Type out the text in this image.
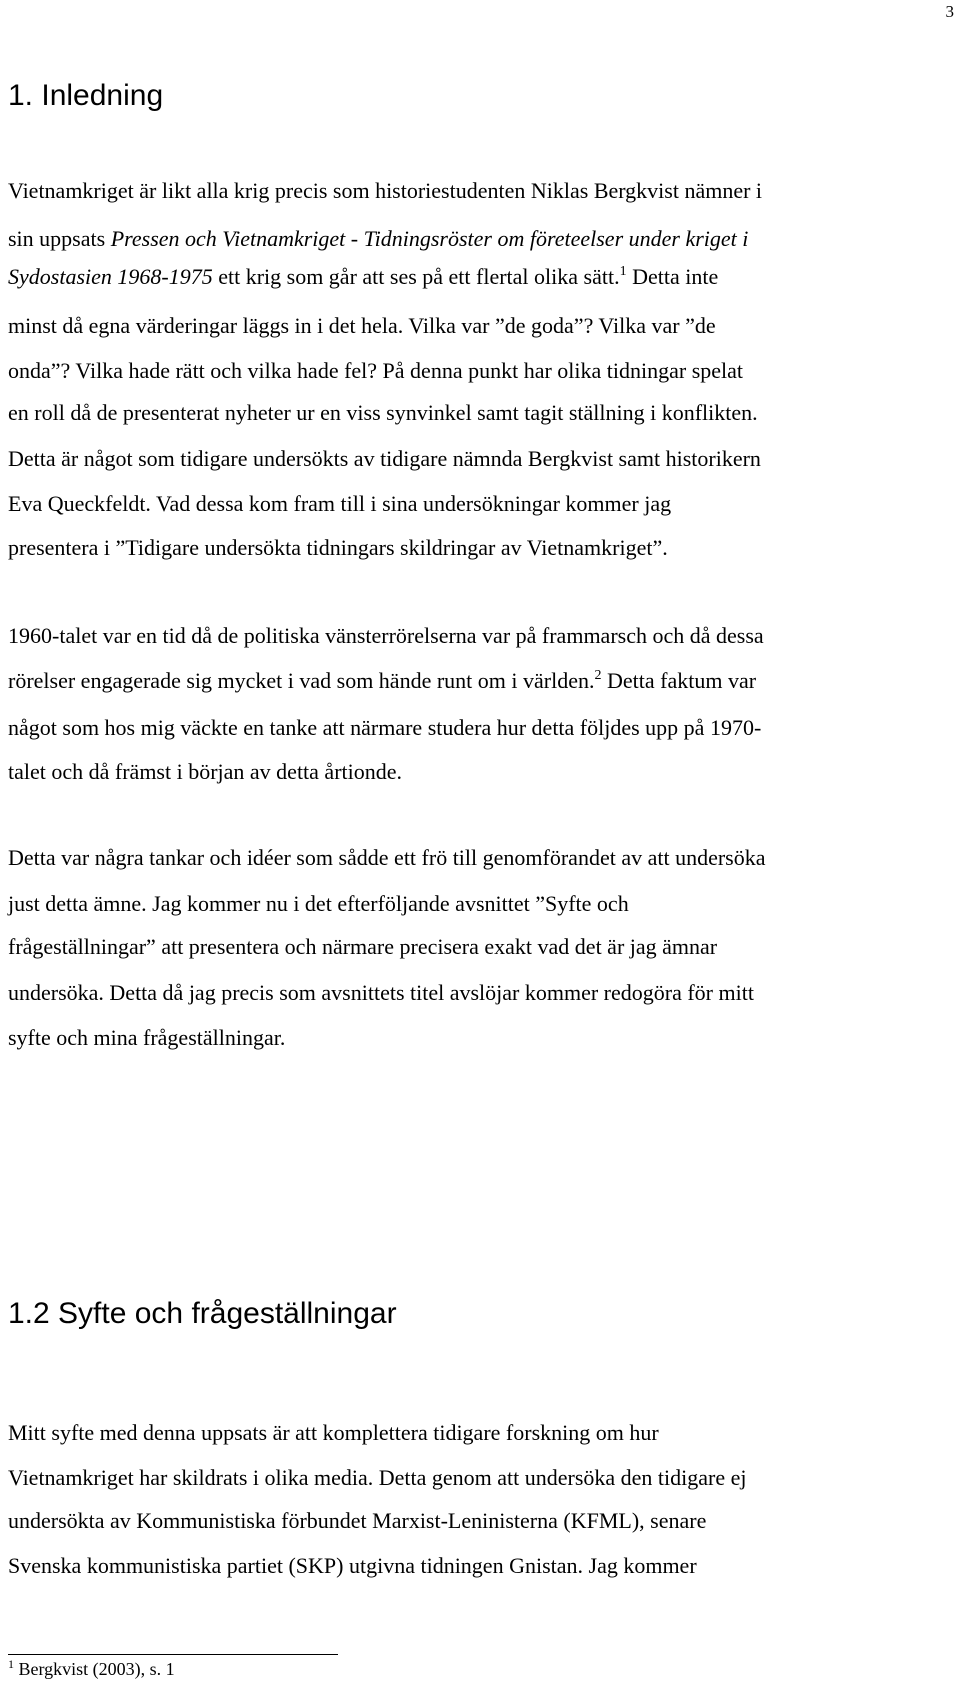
3
1. Inledning
Vietnamkriget är likt alla krig precis som historiestudenten Niklas Bergkvist nämner i
sin uppsats Pressen och Vietnamkriget - Tidningsröster om företeelser under kriget i
Sydostasien 1968-1975 ett krig som går att ses på ett flertal olika sätt.$^1$ Detta inte
minst då egna värderingar läggs in i det hela. Vilka var ”de goda”? Vilka var ”de
onda”? Vilka hade rätt och vilka hade fel? På denna punkt har olika tidningar spelat
en roll då de presenterat nyheter ur en viss synvinkel samt tagit ställning i konflikten.
Detta är något som tidigare undersökts av tidigare nämnda Bergkvist samt historikern
Eva Queckfeldt. Vad dessa kom fram till i sina undersökningar kommer jag
presentera i ”Tidigare undersökta tidningars skildringar av Vietnamkriget”.
1960-talet var en tid då de politiska vänsterrörelserna var på frammarsch och då dessa
rörelser engagerade sig mycket i vad som hände runt om i världen.$^2$ Detta faktum var
något som hos mig väckte en tanke att närmare studera hur detta följdes upp på 1970-
talet och då främst i början av detta årtionde.
Detta var några tankar och idéer som sådde ett frö till genomförandet av att undersöka
just detta ämne. Jag kommer nu i det efterföljande avsnittet ”Syfte och
frågeställningar” att presentera och närmare precisera exakt vad det är jag ämnar
undersöka. Detta då jag precis som avsnittets titel avslöjar kommer redogöra för mitt
syfte och mina frågeställningar.
1.2 Syfte och frågeställningar
Mitt syfte med denna uppsats är att komplettera tidigare forskning om hur
Vietnamkriget har skildrats i olika media. Detta genom att undersöka den tidigare ej
undersökta av Kommunistiska förbundet Marxist-Leninisterna (KFML), senare
Svenska kommunistiska partiet (SKP) utgivna tidningen Gnistan. Jag kommer
$^1$ Bergkvist (2003), s. 1
